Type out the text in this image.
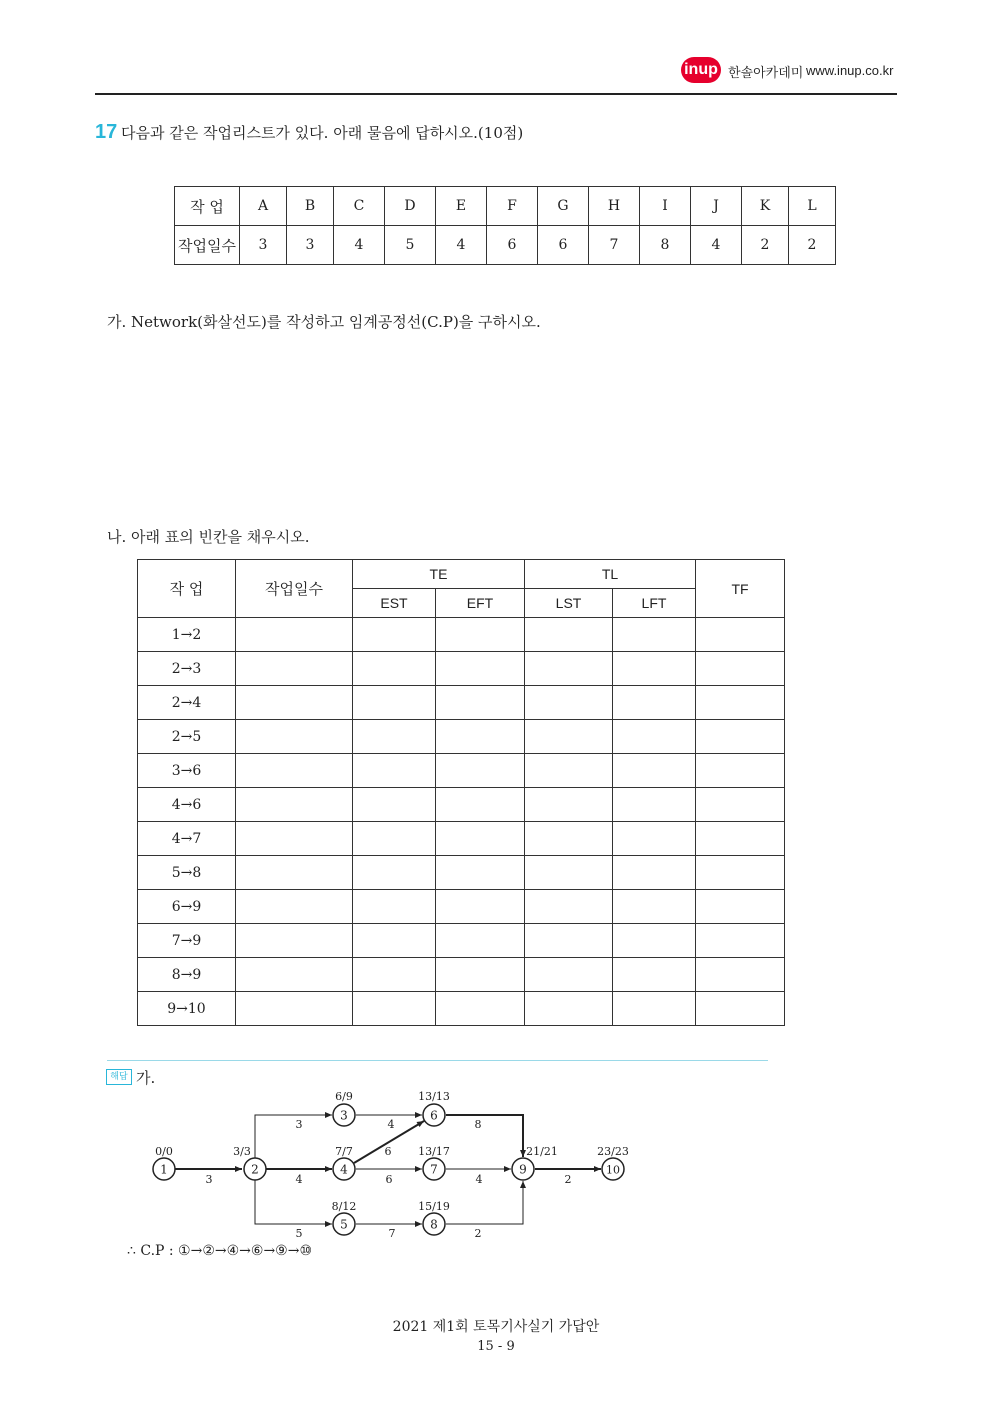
inup 한솔아카데미 www.inup.co.kr
17 다음과 같은 작업리스트가 있다. 아래 물음에 답하시오.(10점)
작 업	A	B	C	D	E	F	G	H	I	J	K	L
작업일수	3	3	4	5	4	6	6	7	8	4	2	2
가. Network(화살선도)를 작성하고 임계공정선(C.P)을 구하시오.
나. 아래 표의 빈칸을 채우시오.
작 업	작업일수	TE		TL		TF
		EST	EFT	LST	LFT	
1→2						
2→3						
2→4						
2→5						
3→6						
4→6						
4→7						
5→8						
6→9						
7→9						
8→9						
9→10						
해답 가.
1	2
3
4
5
6
7
8
9	10
0/0	3/3
6/9
7/7
8/12
13/13
13/17
15/19
21/21	23/23
3
3
4
5
4
6
6
7
8
4
2
2
∴ C.P : ①→②→④→⑥→⑨→⑩
2021 제1회 토목기사실기 가답안
15 - 9
